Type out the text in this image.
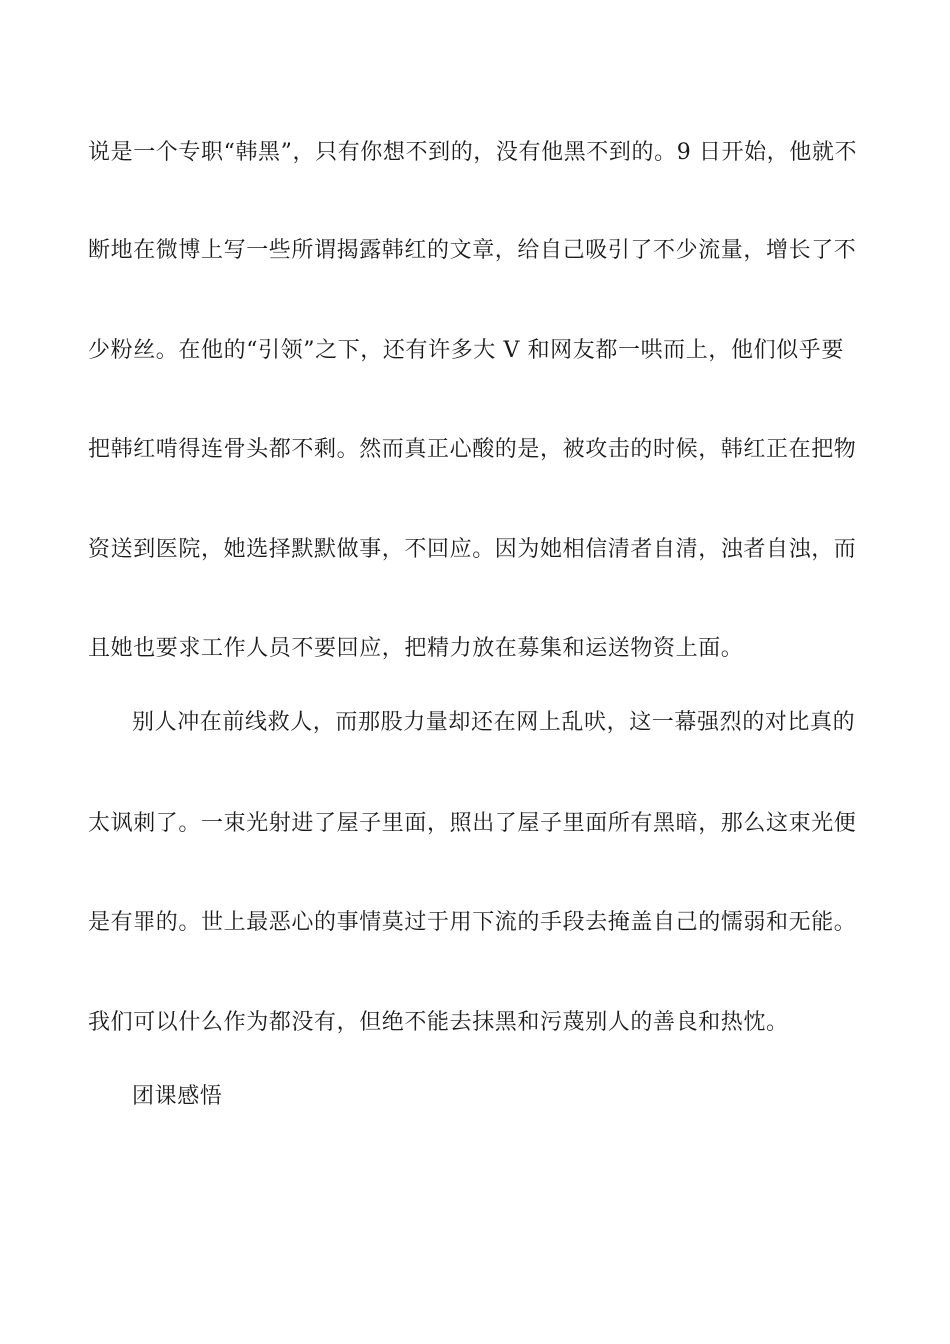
说是一个专职“韩黑”，只有你想不到的，没有他黑不到的。9 日开始，他就不
断地在微博上写一些所谓揭露韩红的文章，给自己吸引了不少流量，增长了不
少粉丝。在他的“引领”之下，还有许多大 V 和网友都一哄而上，他们似乎要
把韩红啃得连骨头都不剩。然而真正心酸的是，被攻击的时候，韩红正在把物
资送到医院，她选择默默做事，不回应。因为她相信清者自清，浊者自浊，而
且她也要求工作人员不要回应，把精力放在募集和运送物资上面。
别人冲在前线救人，而那股力量却还在网上乱吠，这一幕强烈的对比真的
太讽刺了。一束光射进了屋子里面，照出了屋子里面所有黑暗，那么这束光便
是有罪的。世上最恶心的事情莫过于用下流的手段去掩盖自己的懦弱和无能。
我们可以什么作为都没有，但绝不能去抹黑和污蔑别人的善良和热忱。
团课感悟
